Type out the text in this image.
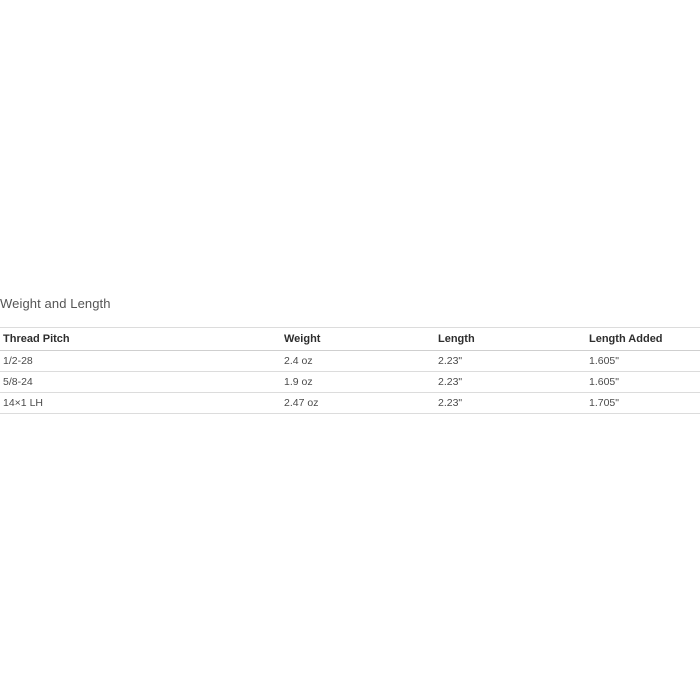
Weight and Length
Thread Pitch	Weight	Length	Length Added
1/2-28	2.4 oz	2.23"	1.605"
5/8-24	1.9 oz	2.23"	1.605"
14×1 LH	2.47 oz	2.23"	1.705"
